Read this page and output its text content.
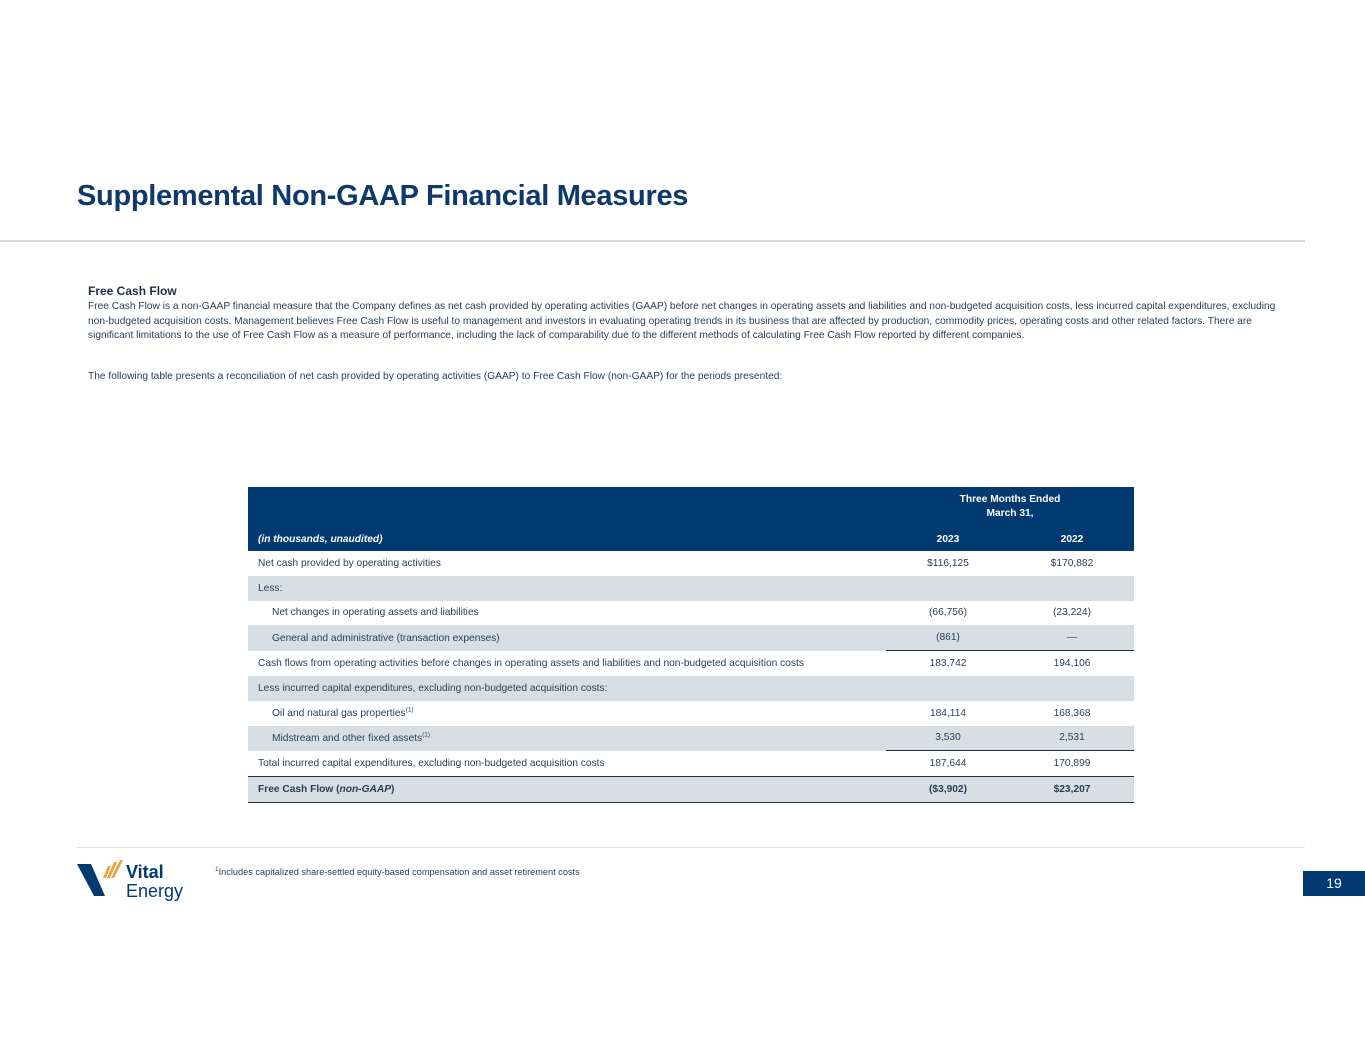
Supplemental Non-GAAP Financial Measures
Free Cash Flow
Free Cash Flow is a non-GAAP financial measure that the Company defines as net cash provided by operating activities (GAAP) before net changes in operating assets and liabilities and non-budgeted acquisition costs, less incurred capital expenditures, excluding non-budgeted acquisition costs. Management believes Free Cash Flow is useful to management and investors in evaluating operating trends in its business that are affected by production, commodity prices, operating costs and other related factors. There are significant limitations to the use of Free Cash Flow as a measure of performance, including the lack of comparability due to the different methods of calculating Free Cash Flow reported by different companies.
The following table presents a reconciliation of net cash provided by operating activities (GAAP) to Free Cash Flow (non-GAAP) for the periods presented:
	Three Months Ended
March 31,	
(in thousands, unaudited)	2023	2022
Net cash provided by operating activities	$116,125	$170,882
Less:		
Net changes in operating assets and liabilities	(66,756)	(23,224)
General and administrative (transaction expenses)	(861)	—
Cash flows from operating activities before changes in operating assets and liabilities and non-budgeted acquisition costs	183,742	194,106
Less incurred capital expenditures, excluding non-budgeted acquisition costs:		
Oil and natural gas properties$^{(1)}$	184,114	168,368
Midstream and other fixed assets$^{(1)}$	3,530	2,531
Total incurred capital expenditures, excluding non-budgeted acquisition costs	187,644	170,899
Free Cash Flow (non-GAAP)	($3,902)	$23,207
Vital
Energy
$^1$Includes capitalized share-settled equity-based compensation and asset retirement costs
19
